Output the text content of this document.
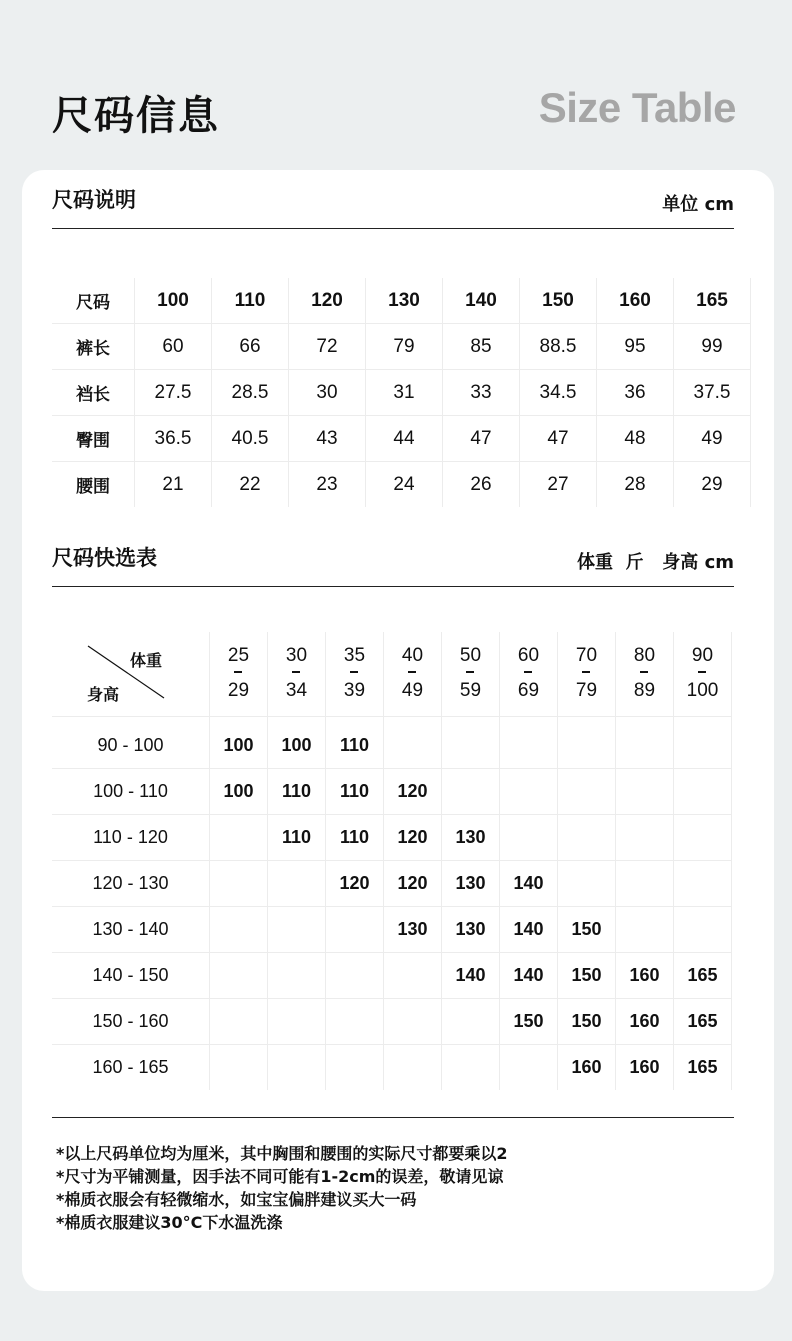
尺码信息	Size Table
尺码说明	单位 cm
尺码	100	110	120	130	140	150	160	165
裤长	60	66	72	79	85	88.5	95	99
裆长	27.5	28.5	30	31	33	34.5	36	37.5
臀围	36.5	40.5	43	44	47	47	48	49
腰围	21	22	23	24	26	27	28	29
尺码快选表	体重  斤   身高 cm
体重
身高	$\frac{25}{29}$	$\frac{30}{34}$	$\frac{35}{39}$	$\frac{40}{49}$	$\frac{50}{59}$	$\frac{60}{69}$	$\frac{70}{79}$	$\frac{80}{89}$	$\frac{90}{100}$

90 - 100	100	100	110						
100 - 110	100	110	110	120					
110 - 120		110	110	120	130				
120 - 130			120	120	130	140			
130 - 140				130	130	140	150		
140 - 150					140	140	150	160	165
150 - 160						150	150	160	165
160 - 165							160	160	165
*以上尺码单位均为厘米，其中胸围和腰围的实际尺寸都要乘以2
*尺寸为平铺测量，因手法不同可能有1-2cm的误差，敬请见谅
*棉质衣服会有轻微缩水，如宝宝偏胖建议买大一码
*棉质衣服建议30°C下水温洗涤
